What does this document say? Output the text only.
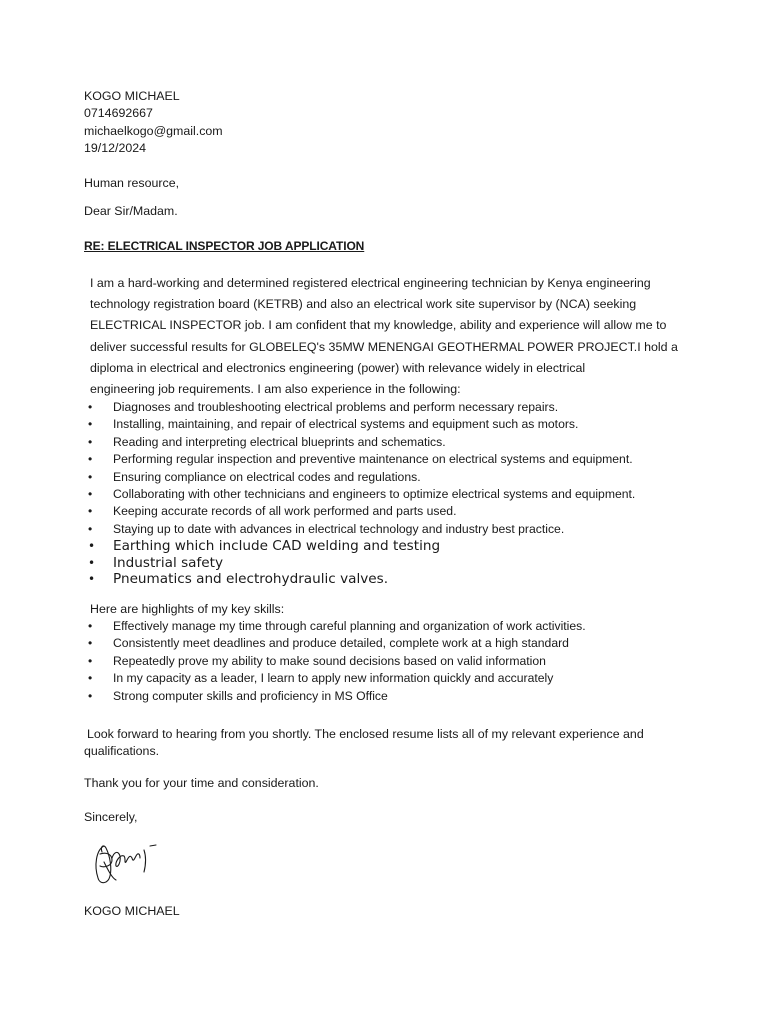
KOGO MICHAEL
0714692667
michaelkogo@gmail.com
19/12/2024
Human resource,
Dear Sir/Madam.
RE: ELECTRICAL INSPECTOR JOB APPLICATION
I am a hard-working and determined registered electrical engineering technician by Kenya engineering
technology registration board (KETRB) and also an electrical work site supervisor by (NCA) seeking
ELECTRICAL INSPECTOR job. I am confident that my knowledge, ability and experience will allow me to
deliver successful results for GLOBELEQ's 35MW MENENGAI GEOTHERMAL POWER PROJECT.I hold a
diploma in electrical and electronics engineering (power) with relevance widely in electrical
engineering job requirements. I am also experience in the following:
• Diagnoses and troubleshooting electrical problems and perform necessary repairs.
• Installing, maintaining, and repair of electrical systems and equipment such as motors.
• Reading and interpreting electrical blueprints and schematics.
• Performing regular inspection and preventive maintenance on electrical systems and equipment.
• Ensuring compliance on electrical codes and regulations.
• Collaborating with other technicians and engineers to optimize electrical systems and equipment.
• Keeping accurate records of all work performed and parts used.
• Staying up to date with advances in electrical technology and industry best practice.
• Earthing which include CAD welding and testing
• Industrial safety
• Pneumatics and electrohydraulic valves.
Here are highlights of my key skills:
• Effectively manage my time through careful planning and organization of work activities.
• Consistently meet deadlines and produce detailed, complete work at a high standard
• Repeatedly prove my ability to make sound decisions based on valid information
• In my capacity as a leader, I learn to apply new information quickly and accurately
• Strong computer skills and proficiency in MS Office
Look forward to hearing from you shortly. The enclosed resume lists all of my relevant experience and
qualifications.
Thank you for your time and consideration.
Sincerely,
KOGO MICHAEL
